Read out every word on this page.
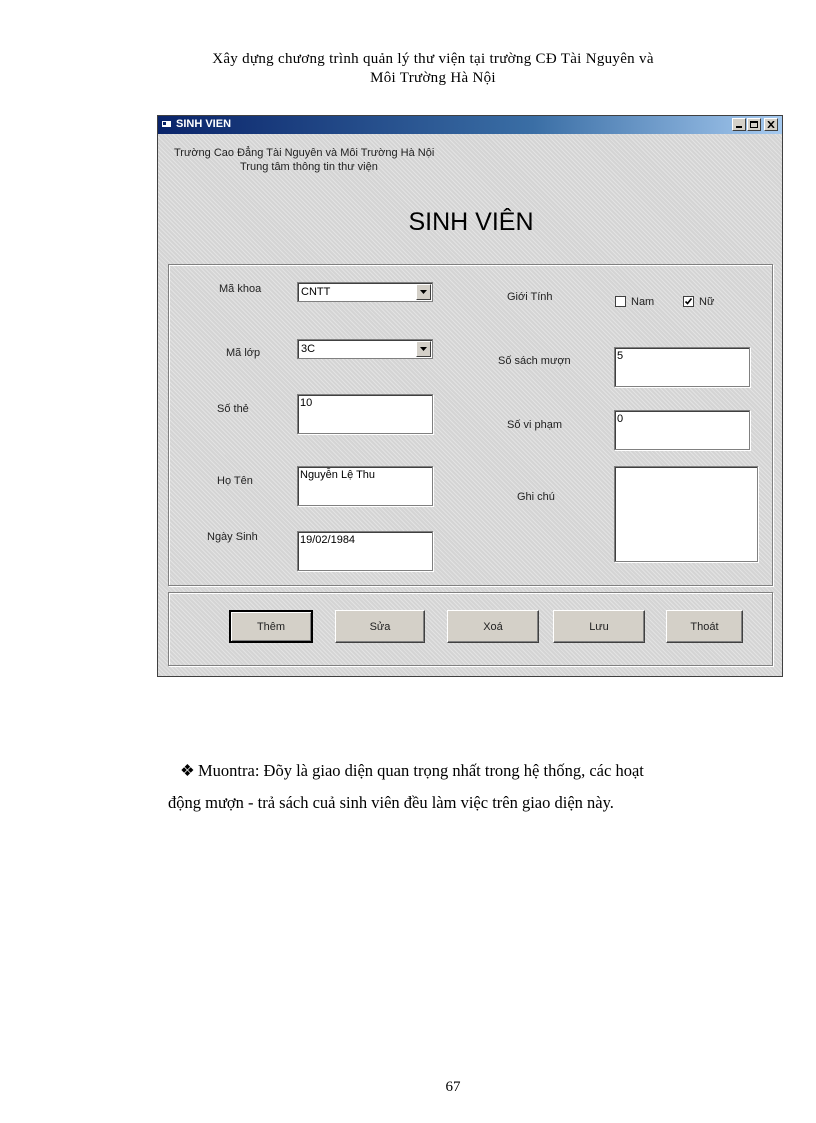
Xây dựng chương trình quản lý thư viện tại trường CĐ Tài Nguyên và
Môi Trường Hà Nội
SINH VIEN
Trường Cao Đẳng Tài Nguyên và Môi Trường Hà Nội
Trung tâm thông tin thư viện
SINH VIÊN
Mã khoa	CNTT
Mã lớp	3C
Số thẻ	10
Họ Tên	Nguyễn Lệ Thu
Ngày Sinh	19/02/1984
Giới Tính	Nam	Nữ
Số sách mượn	5
Số vi phạm	0
Ghi chú
Thêm	Sửa	Xoá	Lưu	Thoát
❖ Muontra: Đõy là giao diện quan trọng nhất trong hệ thống, các hoạt
động mượn - trả sách cuả sinh viên đều làm việc trên giao diện này.
67
